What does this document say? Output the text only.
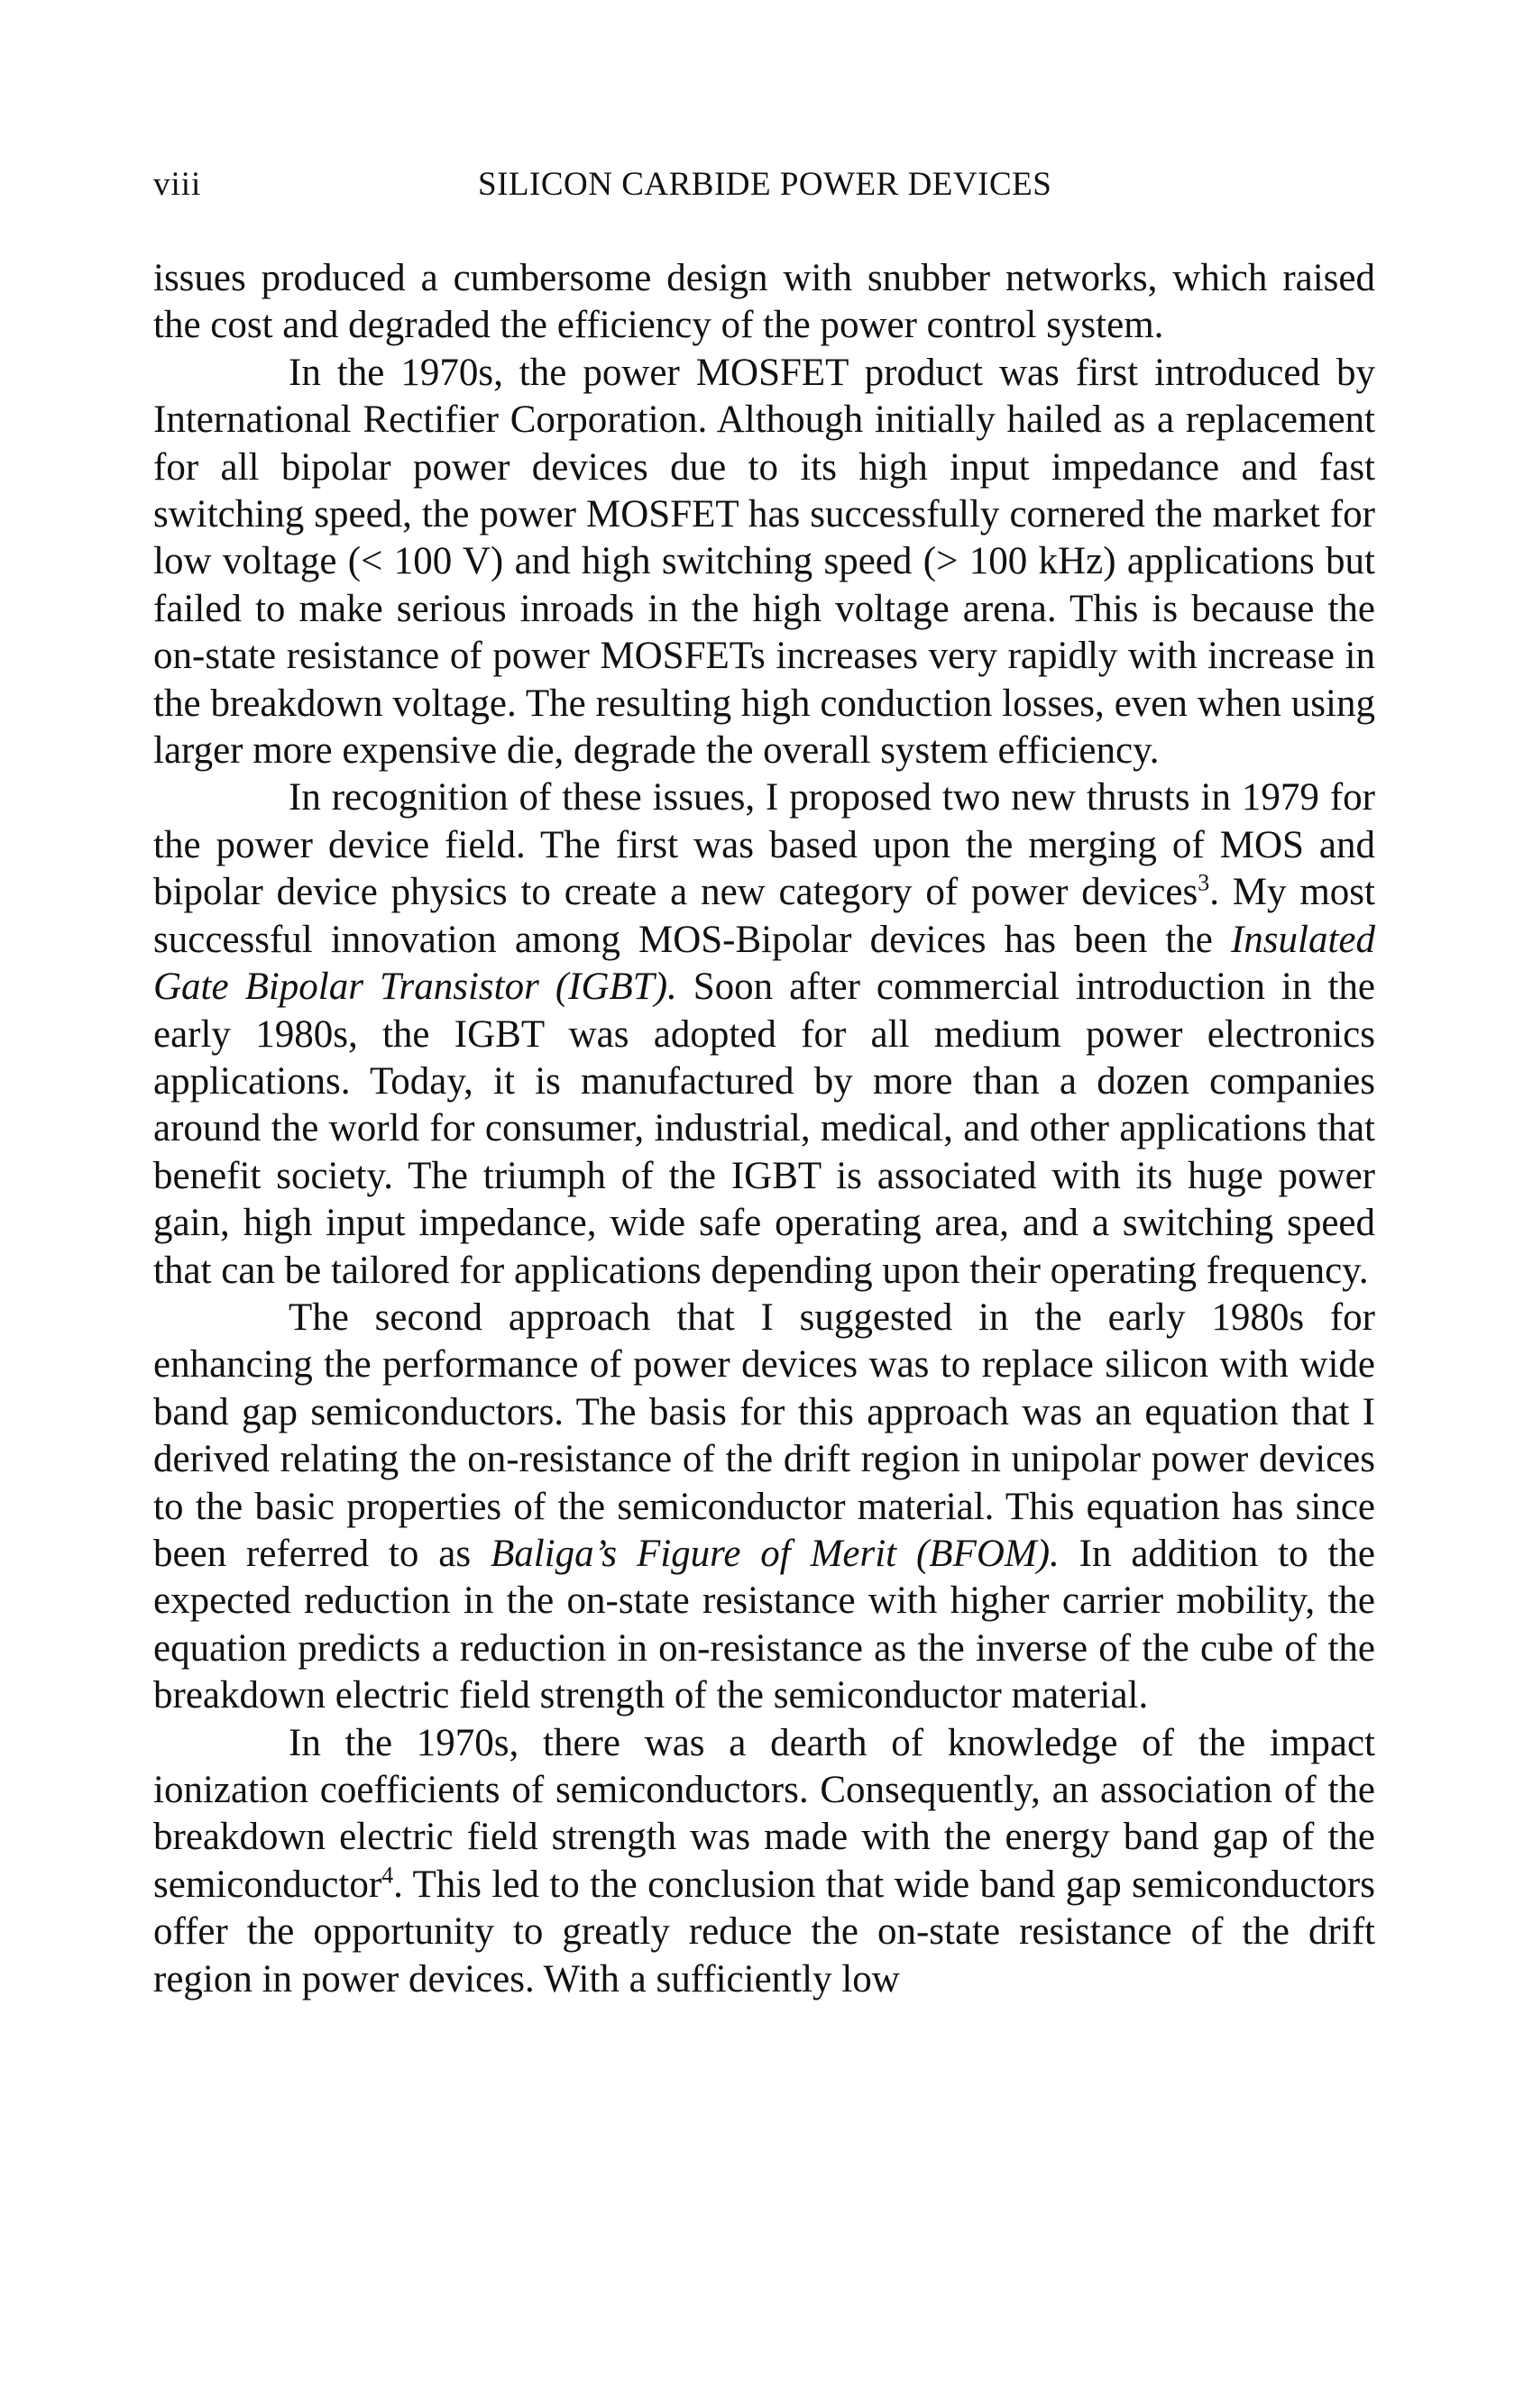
viii	SILICON CARBIDE POWER DEVICES

issues produced a cumbersome design with snubber networks, which raised the cost and degraded the efficiency of the power control system.

In the 1970s, the power MOSFET product was first introduced by International Rectifier Corporation. Although initially hailed as a replacement for all bipolar power devices due to its high input impedance and fast switching speed, the power MOSFET has successfully cornered the market for low voltage (< 100 V) and high switching speed (> 100 kHz) applications but failed to make serious inroads in the high voltage arena. This is because the on-state resistance of power MOSFETs increases very rapidly with increase in the breakdown voltage. The resulting high conduction losses, even when using larger more expensive die, degrade the overall system efficiency.

In recognition of these issues, I proposed two new thrusts in 1979 for the power device field. The first was based upon the merging of MOS and bipolar device physics to create a new category of power devices$^3$. My most successful innovation among MOS-Bipolar devices has been the Insulated Gate Bipolar Transistor (IGBT). Soon after commercial introduction in the early 1980s, the IGBT was adopted for all medium power electronics applications. Today, it is manufactured by more than a dozen companies around the world for consumer, industrial, medical, and other applications that benefit society. The triumph of the IGBT is associated with its huge power gain, high input impedance, wide safe operating area, and a switching speed that can be tailored for applications depending upon their operating frequency.

The second approach that I suggested in the early 1980s for enhancing the performance of power devices was to replace silicon with wide band gap semiconductors. The basis for this approach was an equation that I derived relating the on-resistance of the drift region in unipolar power devices to the basic properties of the semiconductor material. This equation has since been referred to as Baliga’s Figure of Merit (BFOM). In addition to the expected reduction in the on-state resistance with higher carrier mobility, the equation predicts a reduction in on-resistance as the inverse of the cube of the breakdown electric field strength of the semiconductor material.

In the 1970s, there was a dearth of knowledge of the impact ionization coefficients of semiconductors. Consequently, an association of the breakdown electric field strength was made with the energy band gap of the semiconductor$^4$. This led to the conclusion that wide band gap semiconductors offer the opportunity to greatly reduce the on-state resistance of the drift region in power devices. With a sufficiently low
